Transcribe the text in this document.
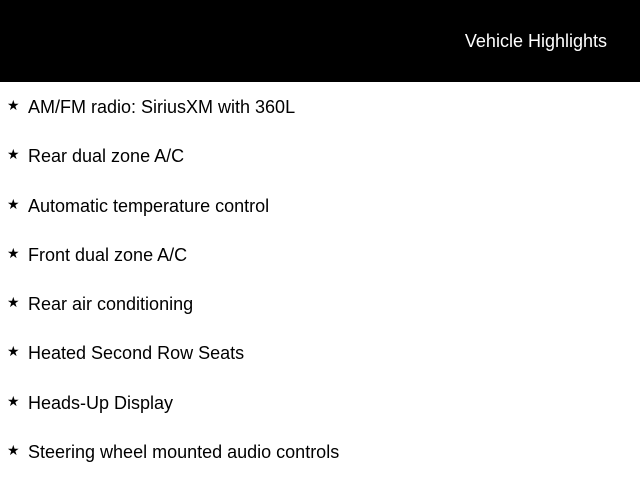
Vehicle Highlights
★ AM/FM radio: SiriusXM with 360L
★ Rear dual zone A/C
★ Automatic temperature control
★ Front dual zone A/C
★ Rear air conditioning
★ Heated Second Row Seats
★ Heads-Up Display
★ Steering wheel mounted audio controls
